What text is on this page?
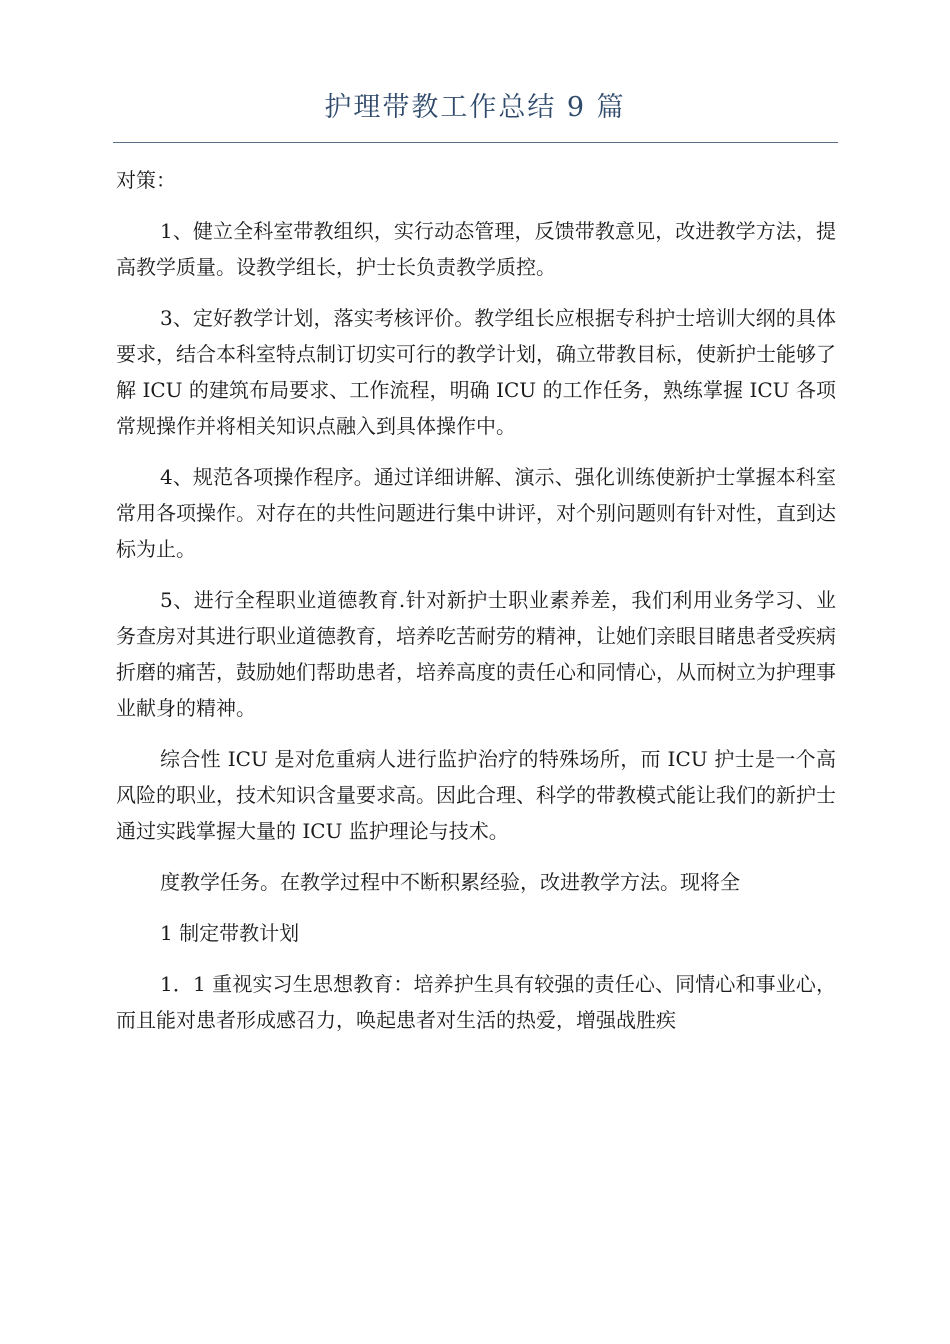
护理带教工作总结 9 篇

对策：

1、健立全科室带教组织，实行动态管理，反馈带教意见，改进教学方法，提高教学质量。设教学组长，护士长负责教学质控。

3、定好教学计划，落实考核评价。教学组长应根据专科护士培训大纲的具体要求，结合本科室特点制订切实可行的教学计划，确立带教目标，使新护士能够了解 ICU 的建筑布局要求、工作流程，明确 ICU 的工作任务，熟练掌握 ICU 各项常规操作并将相关知识点融入到具体操作中。

4、规范各项操作程序。通过详细讲解、演示、强化训练使新护士掌握本科室常用各项操作。对存在的共性问题进行集中讲评，对个别问题则有针对性，直到达标为止。

5、进行全程职业道德教育.针对新护士职业素养差，我们利用业务学习、业务查房对其进行职业道德教育，培养吃苦耐劳的精神，让她们亲眼目睹患者受疾病折磨的痛苦，鼓励她们帮助患者，培养高度的责任心和同情心，从而树立为护理事业献身的精神。

综合性 ICU 是对危重病人进行监护治疗的特殊场所，而 ICU 护士是一个高风险的职业，技术知识含量要求高。因此合理、科学的带教模式能让我们的新护士通过实践掌握大量的 ICU 监护理论与技术。

度教学任务。在教学过程中不断积累经验，改进教学方法。现将全

1 制定带教计划

1．1 重视实习生思想教育：培养护生具有较强的责任心、同情心和事业心，而且能对患者形成感召力，唤起患者对生活的热爱，增强战胜疾
